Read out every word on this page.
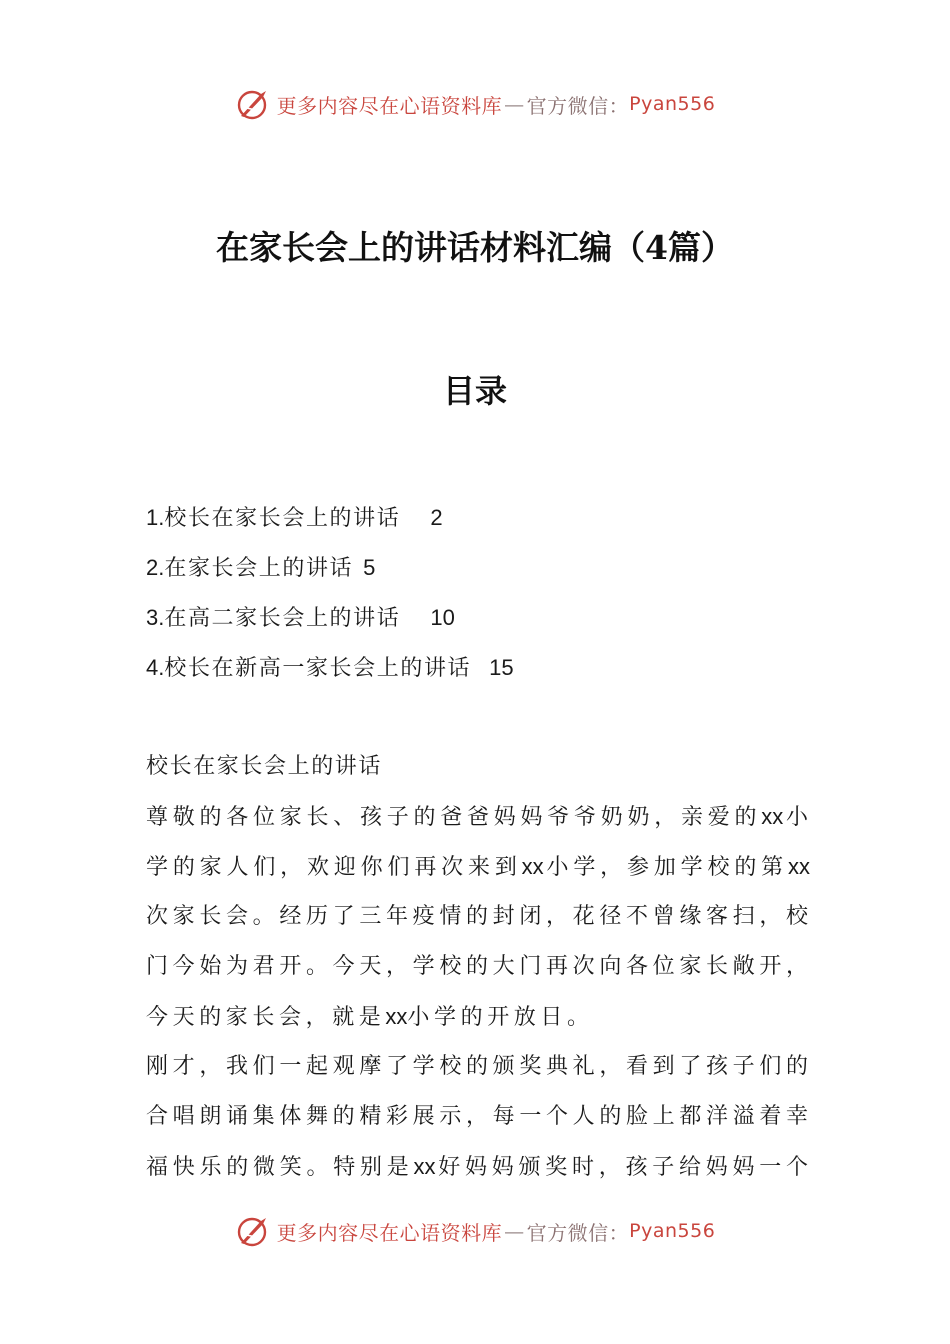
更多内容尽在心语资料库 — 官方微信： Pyan556
在家长会上的讲话材料汇编（4篇）
目录
1.校长在家长会上的讲话 2
2.在家长会上的讲话 5
3.在高二家长会上的讲话 10
4.校长在新高一家长会上的讲话 15
校长在家长会上的讲话
尊敬的各位家长、孩子的爸爸妈妈爷爷奶奶，亲爱的xx小
学的家人们，欢迎你们再次来到xx小学，参加学校的第xx
次家长会。经历了三年疫情的封闭，花径不曾缘客扫，校
门今始为君开。今天，学校的大门再次向各位家长敞开，
今天的家长会，就是xx小学的开放日。
刚才，我们一起观摩了学校的颁奖典礼，看到了孩子们的
合唱朗诵集体舞的精彩展示，每一个人的脸上都洋溢着幸
福快乐的微笑。特别是xx好妈妈颁奖时，孩子给妈妈一个
更多内容尽在心语资料库 — 官方微信： Pyan556
